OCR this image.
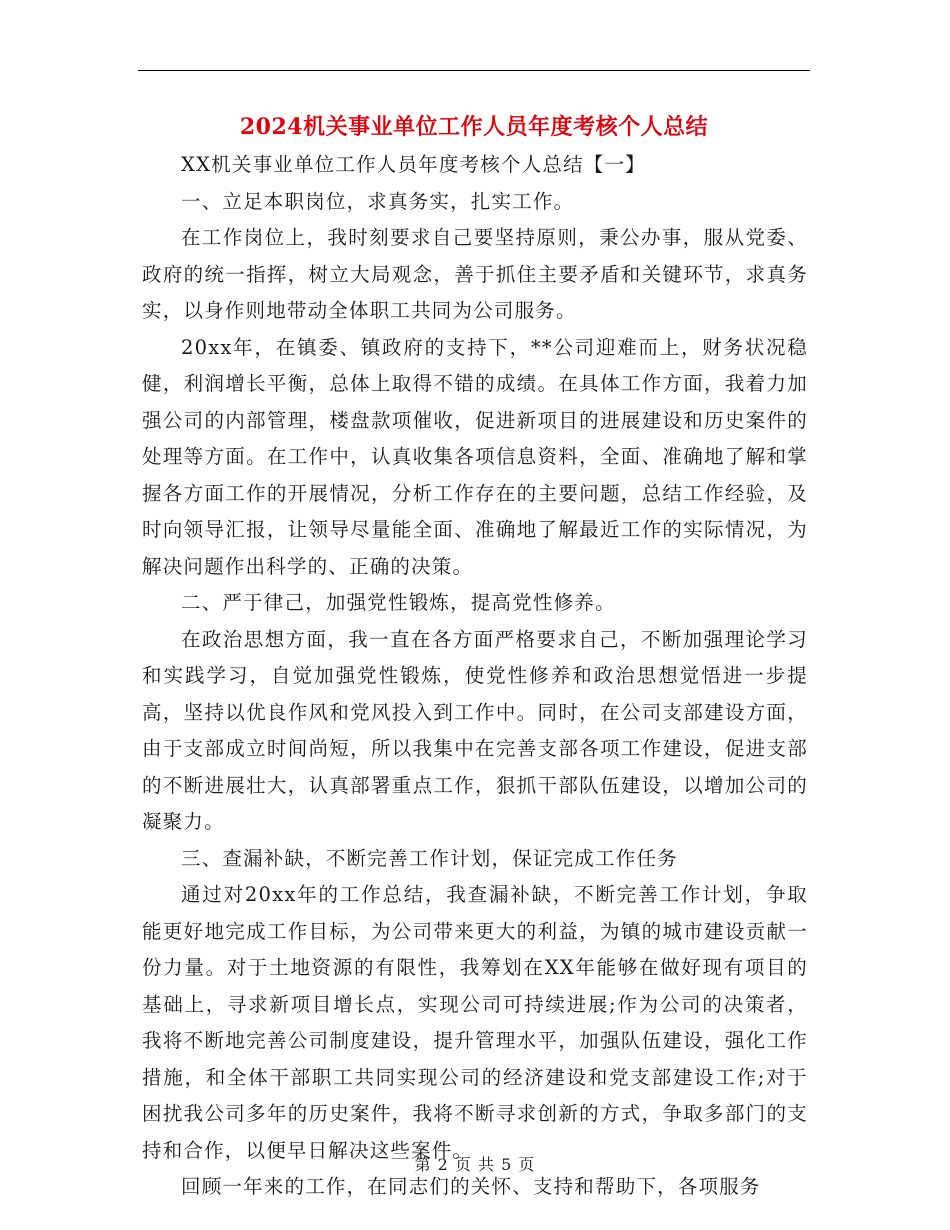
2024机关事业单位工作人员年度考核个人总结

XX机关事业单位工作人员年度考核个人总结【一】

一、立足本职岗位，求真务实，扎实工作。

在工作岗位上，我时刻要求自己要坚持原则，秉公办事，服从党委、政府的统一指挥，树立大局观念，善于抓住主要矛盾和关键环节，求真务实，以身作则地带动全体职工共同为公司服务。

20xx年，在镇委、镇政府的支持下，**公司迎难而上，财务状况稳健，利润增长平衡，总体上取得不错的成绩。在具体工作方面，我着力加强公司的内部管理，楼盘款项催收，促进新项目的进展建设和历史案件的处理等方面。在工作中，认真收集各项信息资料，全面、准确地了解和掌握各方面工作的开展情况，分析工作存在的主要问题，总结工作经验，及时向领导汇报，让领导尽量能全面、准确地了解最近工作的实际情况，为解决问题作出科学的、正确的决策。

二、严于律己，加强党性锻炼，提高党性修养。

在政治思想方面，我一直在各方面严格要求自己，不断加强理论学习和实践学习，自觉加强党性锻炼，使党性修养和政治思想觉悟进一步提高，坚持以优良作风和党风投入到工作中。同时，在公司支部建设方面，由于支部成立时间尚短，所以我集中在完善支部各项工作建设，促进支部的不断进展壮大，认真部署重点工作，狠抓干部队伍建设，以增加公司的凝聚力。

三、查漏补缺，不断完善工作计划，保证完成工作任务

通过对20xx年的工作总结，我查漏补缺，不断完善工作计划，争取能更好地完成工作目标，为公司带来更大的利益，为镇的城市建设贡献一份力量。对于土地资源的有限性，我筹划在XX年能够在做好现有项目的基础上，寻求新项目增长点，实现公司可持续进展;作为公司的决策者，我将不断地完善公司制度建设，提升管理水平，加强队伍建设，强化工作措施，和全体干部职工共同实现公司的经济建设和党支部建设工作;对于困扰我公司多年的历史案件，我将不断寻求创新的方式，争取多部门的支持和合作，以便早日解决这些案件。

回顾一年来的工作，在同志们的关怀、支持和帮助下，各项服务

第 2 页 共 5 页
